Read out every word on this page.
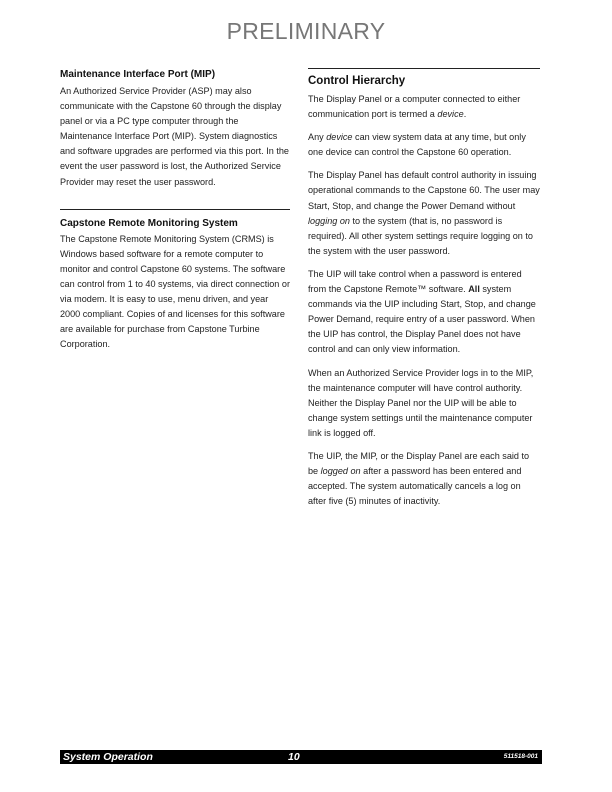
PRELIMINARY
Maintenance Interface Port (MIP)

An Authorized Service Provider (ASP) may also communicate with the Capstone 60 through the display panel or via a PC type computer through the Maintenance Interface Port (MIP). System diagnostics and software upgrades are performed via this port. In the event the user password is lost, the Authorized Service Provider may reset the user password.

Capstone Remote Monitoring System

The Capstone Remote Monitoring System (CRMS) is Windows based software for a remote computer to monitor and control Capstone 60 systems. The software can control from 1 to 40 systems, via direct connection or via modem. It is easy to use, menu driven, and year 2000 compliant. Copies of and licenses for this software are available for purchase from Capstone Turbine Corporation.

Control Hierarchy

The Display Panel or a computer connected to either communication port is termed a device.

Any device can view system data at any time, but only one device can control the Capstone 60 operation.

The Display Panel has default control authority in issuing operational commands to the Capstone 60. The user may Start, Stop, and change the Power Demand without logging on to the system (that is, no password is required). All other system settings require logging on to the system with the user password.

The UIP will take control when a password is entered from the Capstone Remote™ software. All system commands via the UIP including Start, Stop, and change Power Demand, require entry of a user password. When the UIP has control, the Display Panel does not have control and can only view information.

When an Authorized Service Provider logs in to the MIP, the maintenance computer will have control authority. Neither the Display Panel nor the UIP will be able to change system settings until the maintenance computer link is logged off.

The UIP, the MIP, or the Display Panel are each said to be logged on after a password has been entered and accepted. The system automatically cancels a log on after five (5) minutes of inactivity.

System Operation	10	511518-001
